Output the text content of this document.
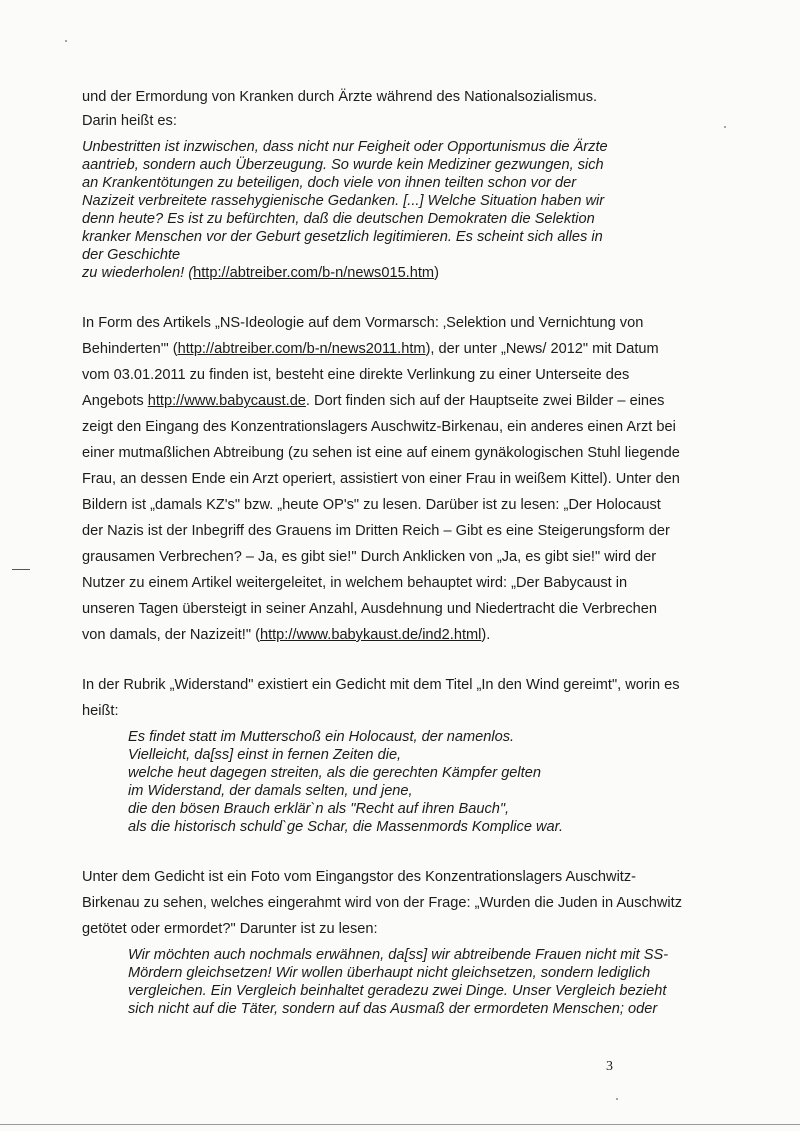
und der Ermordung von Kranken durch Ärzte während des Nationalsozialismus.
Darin heißt es:
Unbestritten ist inzwischen, dass nicht nur Feigheit oder Opportunismus die Ärzte
aantrieb, sondern auch Überzeugung. So wurde kein Mediziner gezwungen, sich
an Krankentötungen zu beteiligen, doch viele von ihnen teilten schon vor der
Nazizeit verbreitete rassehygienische Gedanken. [...] Welche Situation haben wir
denn heute? Es ist zu befürchten, daß die deutschen Demokraten die Selektion
kranker Menschen vor der Geburt gesetzlich legitimieren. Es scheint sich alles in
der Geschichte
zu wiederholen! (http://abtreiber.com/b-n/news015.htm)
In Form des Artikels „NS-Ideologie auf dem Vormarsch: ‚Selektion und Vernichtung von
Behinderten'" (http://abtreiber.com/b-n/news2011.htm), der unter „News/ 2012" mit Datum
vom 03.01.2011 zu finden ist, besteht eine direkte Verlinkung zu einer Unterseite des
Angebots http://www.babycaust.de. Dort finden sich auf der Hauptseite zwei Bilder – eines
zeigt den Eingang des Konzentrationslagers Auschwitz-Birkenau, ein anderes einen Arzt bei
einer mutmaßlichen Abtreibung (zu sehen ist eine auf einem gynäkologischen Stuhl liegende
Frau, an dessen Ende ein Arzt operiert, assistiert von einer Frau in weißem Kittel). Unter den
Bildern ist „damals KZ's" bzw. „heute OP's" zu lesen. Darüber ist zu lesen: „Der Holocaust
der Nazis ist der Inbegriff des Grauens im Dritten Reich – Gibt es eine Steigerungsform der
grausamen Verbrechen? – Ja, es gibt sie!" Durch Anklicken von „Ja, es gibt sie!" wird der
Nutzer zu einem Artikel weitergeleitet, in welchem behauptet wird: „Der Babycaust in
unseren Tagen übersteigt in seiner Anzahl, Ausdehnung und Niedertracht die Verbrechen
von damals, der Nazizeit!" (http://www.babykaust.de/ind2.html).
In der Rubrik „Widerstand" existiert ein Gedicht mit dem Titel „In den Wind gereimt", worin es
heißt:
Es findet statt im Mutterschoß ein Holocaust, der namenlos.
Vielleicht, da[ss] einst in fernen Zeiten die,
welche heut dagegen streiten, als die gerechten Kämpfer gelten
im Widerstand, der damals selten, und jene,
die den bösen Brauch erklär`n als "Recht auf ihren Bauch",
als die historisch schuld`ge Schar, die Massenmords Komplice war.
Unter dem Gedicht ist ein Foto vom Eingangstor des Konzentrationslagers Auschwitz-
Birkenau zu sehen, welches eingerahmt wird von der Frage: „Wurden die Juden in Auschwitz
getötet oder ermordet?" Darunter ist zu lesen:
Wir möchten auch nochmals erwähnen, da[ss] wir abtreibende Frauen nicht mit SS-
Mördern gleichsetzen! Wir wollen überhaupt nicht gleichsetzen, sondern lediglich
vergleichen. Ein Vergleich beinhaltet geradezu zwei Dinge. Unser Vergleich bezieht
sich nicht auf die Täter, sondern auf das Ausmaß der ermordeten Menschen; oder
3
